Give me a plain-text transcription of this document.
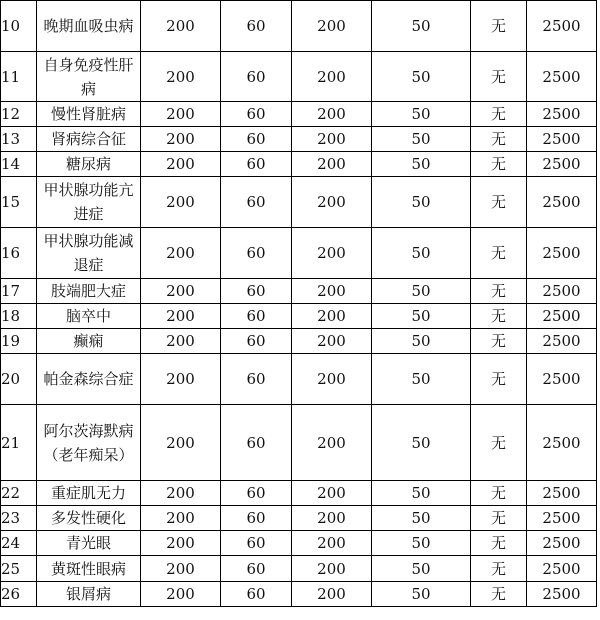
10	晚期血吸虫病	200	60	200	50	无	2500
11	自身免疫性肝病	200	60	200	50	无	2500
12	慢性肾脏病	200	60	200	50	无	2500
13	肾病综合征	200	60	200	50	无	2500
14	糖尿病	200	60	200	50	无	2500
15	甲状腺功能亢进症	200	60	200	50	无	2500
16	甲状腺功能减退症	200	60	200	50	无	2500
17	肢端肥大症	200	60	200	50	无	2500
18	脑卒中	200	60	200	50	无	2500
19	癫痫	200	60	200	50	无	2500
20	帕金森综合症	200	60	200	50	无	2500
21	阿尔茨海默病（老年痴呆）	200	60	200	50	无	2500
22	重症肌无力	200	60	200	50	无	2500
23	多发性硬化	200	60	200	50	无	2500
24	青光眼	200	60	200	50	无	2500
25	黄斑性眼病	200	60	200	50	无	2500
26	银屑病	200	60	200	50	无	2500
